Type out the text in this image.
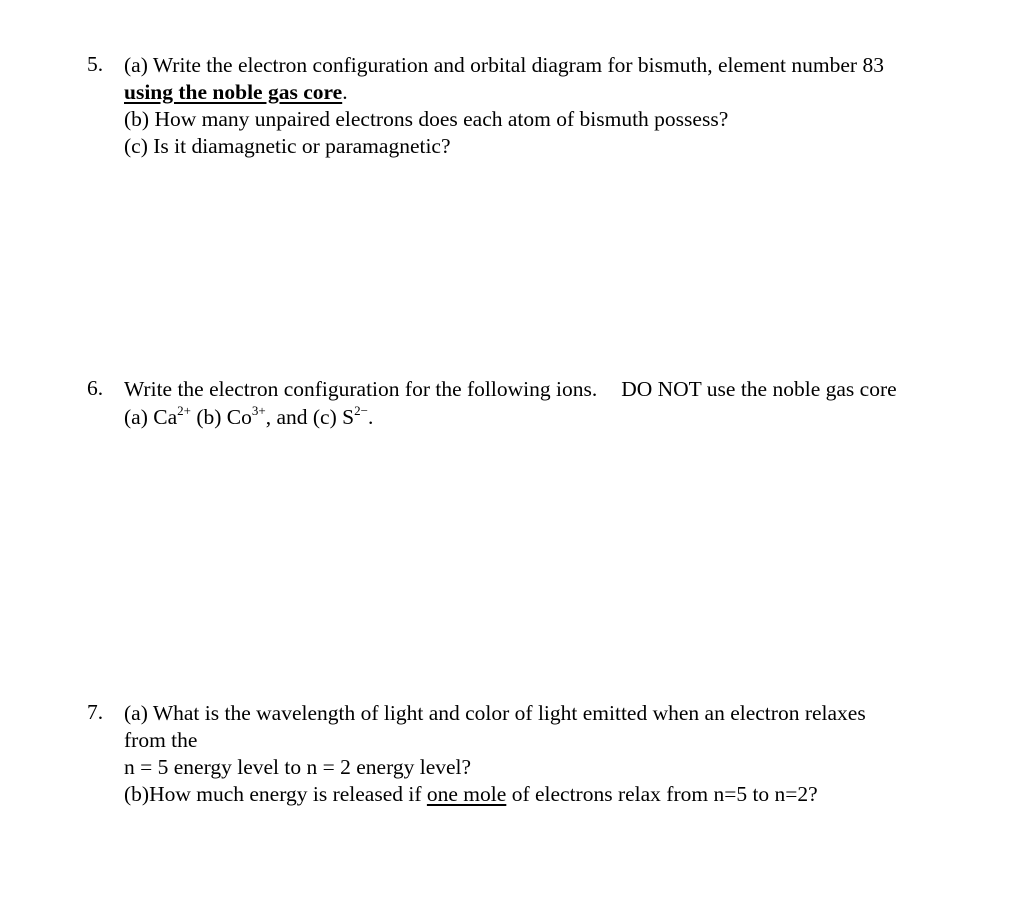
5. (a) Write the electron configuration and orbital diagram for bismuth, element number 83
using the noble gas core.
(b) How many unpaired electrons does each atom of bismuth possess?
(c) Is it diamagnetic or paramagnetic?
6. Write the electron configuration for the following ions. DO NOT use the noble gas core
(a) $Ca^{2+}$ (b) $Co^{3+}$, and (c) $S^{2-}$.
7. (a) What is the wavelength of light and color of light emitted when an electron relaxes
from the
n = 5 energy level to n = 2 energy level?
(b)How much energy is released if one mole of electrons relax from n=5 to n=2?
